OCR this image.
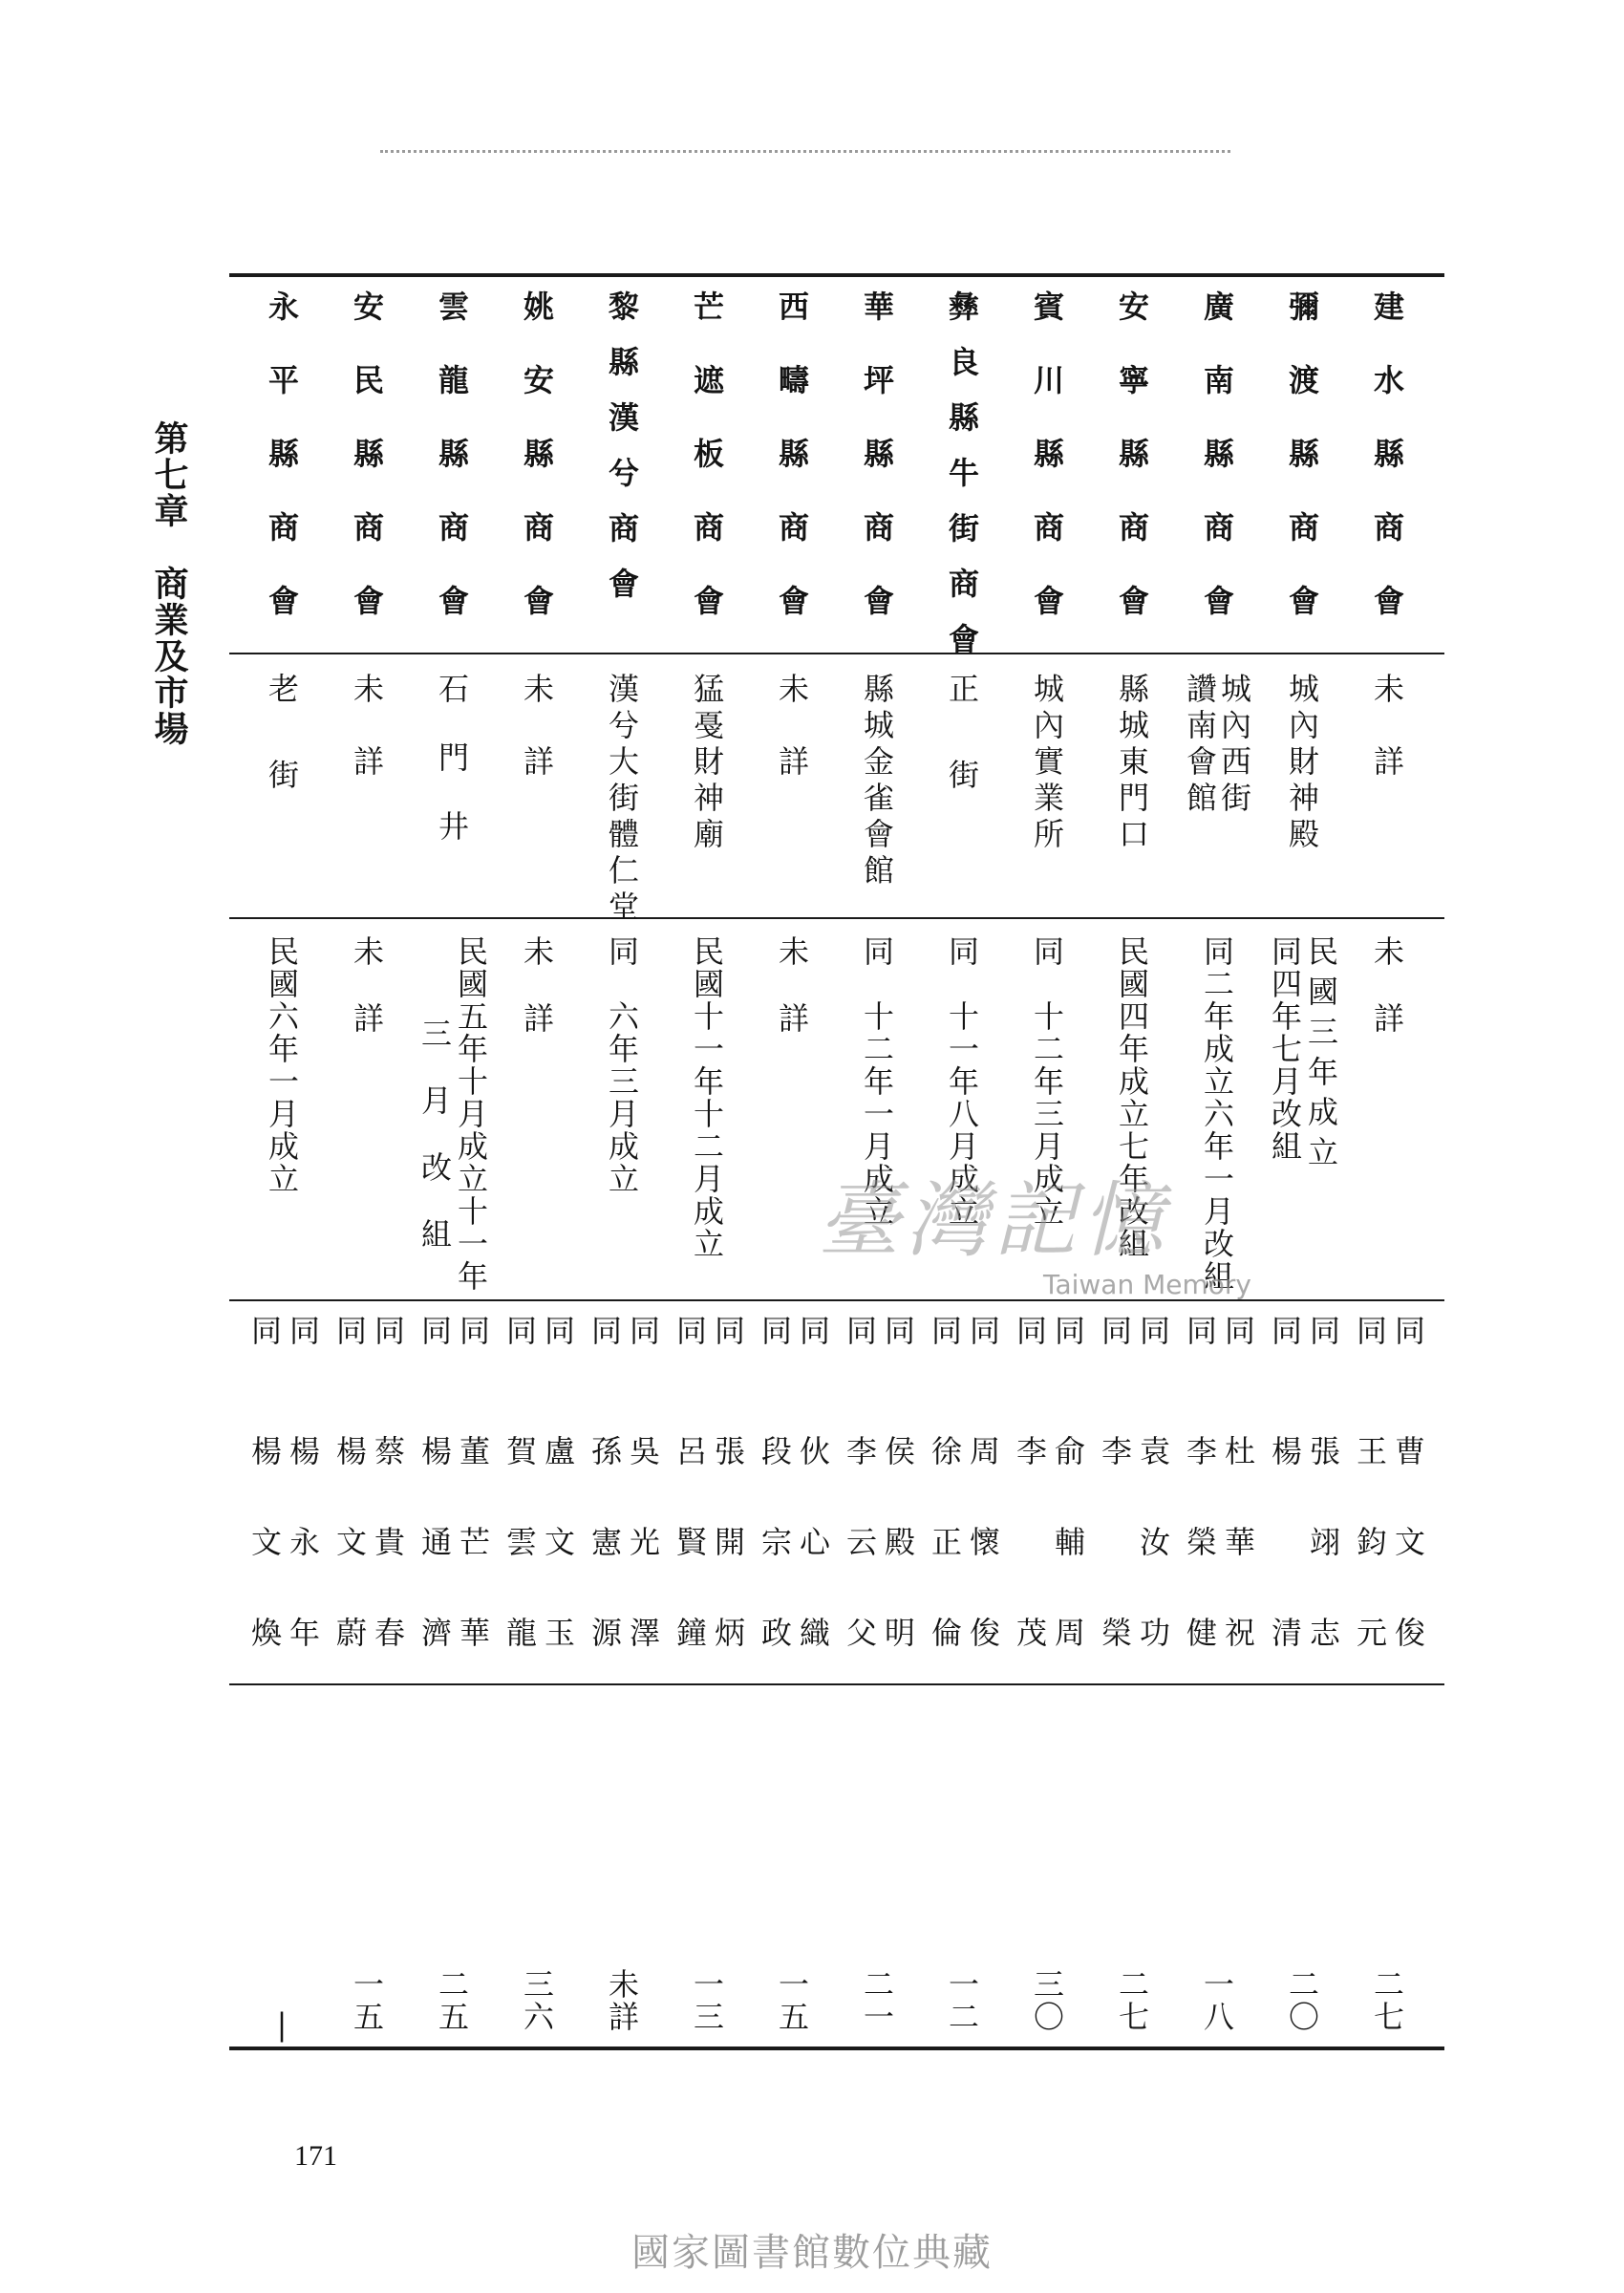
第七章　商業及市場	建水縣商會
未詳
未詳
同
同
曹
文
俊
王
鈞
元
二七
彌渡縣商會
城內財神殿
民國三年成立
同四年七月改組
同
同
張
翊
志
楊
清
二〇
廣南縣商會
城內西街
讚南會館
同二年成立六年一月改組
同
同
杜
華
祝
李
榮
健
一八
安寧縣商會
縣城東門口
民國四年成立七年改組
同
同
袁
汝
功
李
榮
二七
賓川縣商會
城內實業所
同　十二年三月成立
同
同
俞
輔
周
李
茂
三〇
彝良縣牛街商會
正街
同　十一年八月成立
同
同
周
懷
俊
徐
正
倫
一二
華坪縣商會
縣城金雀會館
同　十二年一月成立
同
同
侯
殿
明
李
云
父
二一
西疇縣商會
未詳
未詳
同
同
伙
心
織
段
宗
政
一五
芒遮板商會
猛戞財神廟
民國十一年十二月成立
同
同
張
開
炳
呂
賢
鐘
一三
黎縣漢兮商會
漢兮大街體仁堂
同　六年三月成立
同
同
吳
光
澤
孫
憲
源
未詳
姚安縣商會
未詳
未詳
同
同
盧
文
玉
賀
雲
龍
三六
雲龍縣商會
石門井
民國五年十月成立十一年
三月改組
同
同
董
芒
華
楊
通
濟
二五
安民縣商會
未詳
未詳
同
同
蔡
貴
春
楊
文
蔚
一五
永平縣商會
老街
民國六年一月成立
同
同
楊
永
年
楊
文
煥
|
臺灣記憶
Taiwan Memory
171
國家圖書館數位典藏
